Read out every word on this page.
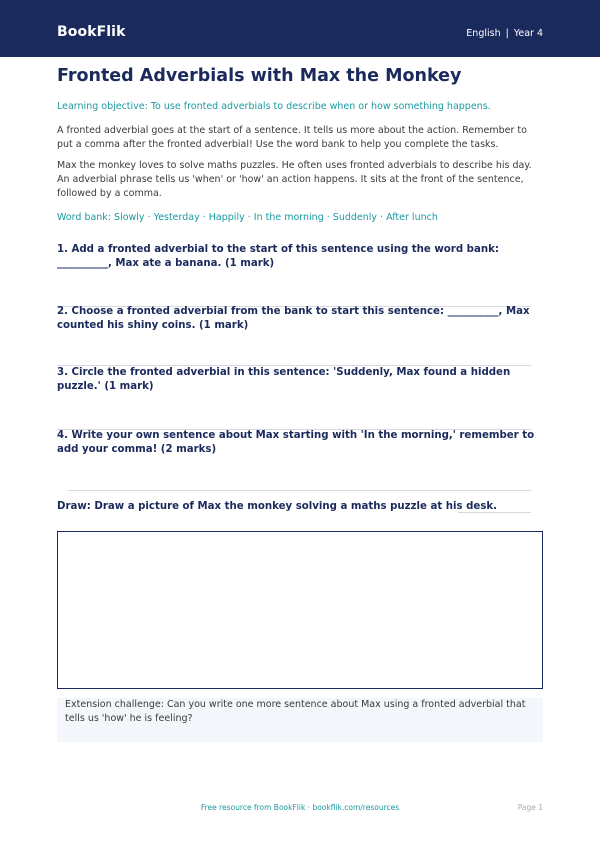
BookFlik	English | Year 4
Fronted Adverbials with Max the Monkey

Learning objective: To use fronted adverbials to describe when or how something happens.

A fronted adverbial goes at the start of a sentence. It tells us more about the action. Remember to put a comma after the fronted adverbial! Use the word bank to help you complete the tasks.

Max the monkey loves to solve maths puzzles. He often uses fronted adverbials to describe his day. An adverbial phrase tells us 'when' or 'how' an action happens. It sits at the front of the sentence, followed by a comma.

Word bank: Slowly · Yesterday · Happily · In the morning · Suddenly · After lunch

1. Add a fronted adverbial to the start of this sentence using the word bank: __________, Max ate a banana. (1 mark)

2. Choose a fronted adverbial from the bank to start this sentence: __________, Max counted his shiny coins. (1 mark)

3. Circle the fronted adverbial in this sentence: 'Suddenly, Max found a hidden puzzle.' (1 mark)

4. Write your own sentence about Max starting with 'In the morning,' remember to add your comma! (2 marks)

Draw: Draw a picture of Max the monkey solving a maths puzzle at his desk.

Extension challenge: Can you write one more sentence about Max using a fronted adverbial that tells us 'how' he is feeling?
Free resource from BookFlik · bookflik.com/resources	Page 1
